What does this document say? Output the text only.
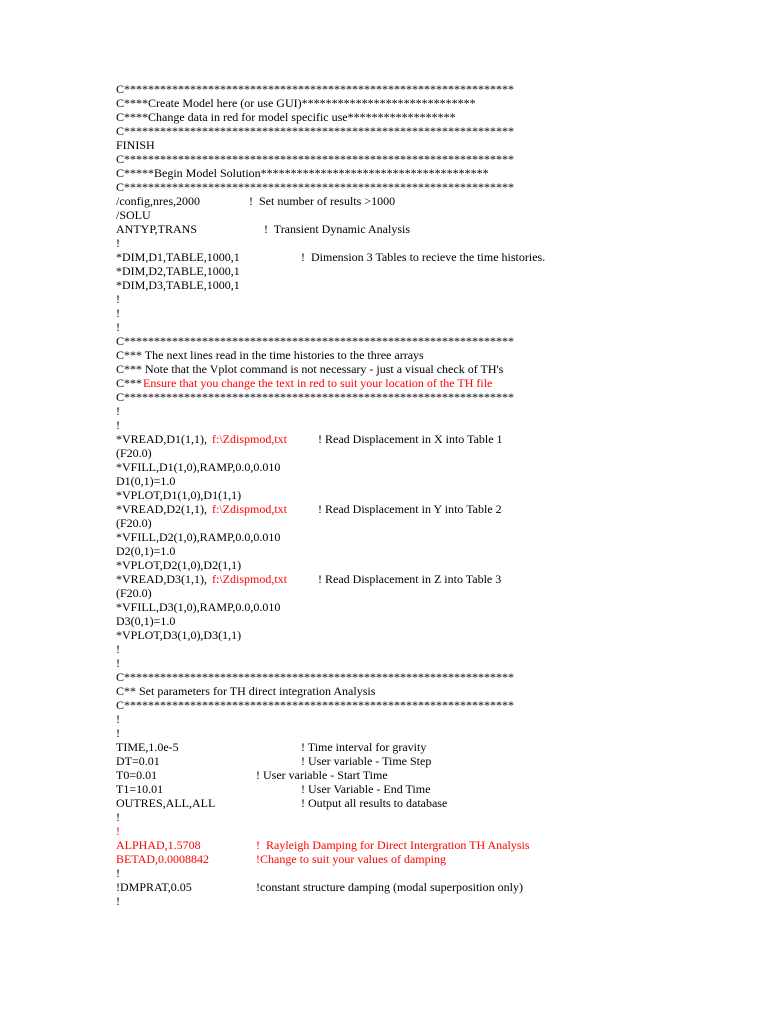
C*****************************************************************
C****Create Model here (or use GUI)*****************************
C****Change data in red for model specific use******************
C*****************************************************************
FINISH
C*****************************************************************
C*****Begin Model Solution**************************************
C*****************************************************************
/config,nres,2000	!  Set number of results >1000
/SOLU
ANTYP,TRANS	!  Transient Dynamic Analysis
!
*DIM,D1,TABLE,1000,1	!  Dimension 3 Tables to recieve the time histories.
*DIM,D2,TABLE,1000,1
*DIM,D3,TABLE,1000,1
!
!
!
C*****************************************************************
C*** The next lines read in the time histories to the three arrays
C*** Note that the Vplot command is not necessary - just a visual check of TH's
C*** Ensure that you change the text in red to suit your location of the TH file
C*****************************************************************
!
!
*VREAD,D1(1,1), f:\Zdispmod,txt	! Read Displacement in X into Table 1
(F20.0)
*VFILL,D1(1,0),RAMP,0.0,0.010
D1(0,1)=1.0
*VPLOT,D1(1,0),D1(1,1)
*VREAD,D2(1,1), f:\Zdispmod,txt	! Read Displacement in Y into Table 2
(F20.0)
*VFILL,D2(1,0),RAMP,0.0,0.010
D2(0,1)=1.0
*VPLOT,D2(1,0),D2(1,1)
*VREAD,D3(1,1), f:\Zdispmod,txt	! Read Displacement in Z into Table 3
(F20.0)
*VFILL,D3(1,0),RAMP,0.0,0.010
D3(0,1)=1.0
*VPLOT,D3(1,0),D3(1,1)
!
!
C*****************************************************************
C** Set parameters for TH direct integration Analysis
C*****************************************************************
!
!
TIME,1.0e-5	! Time interval for gravity
DT=0.01	! User variable - Time Step
T0=0.01	! User variable - Start Time
T1=10.01	! User Variable - End Time
OUTRES,ALL,ALL	! Output all results to database
!
!
ALPHAD,1.5708	!  Rayleigh Damping for Direct Intergration TH Analysis
BETAD,0.0008842	!Change to suit your values of damping
!
!DMPRAT,0.05	!constant structure damping (modal superposition only)
!
